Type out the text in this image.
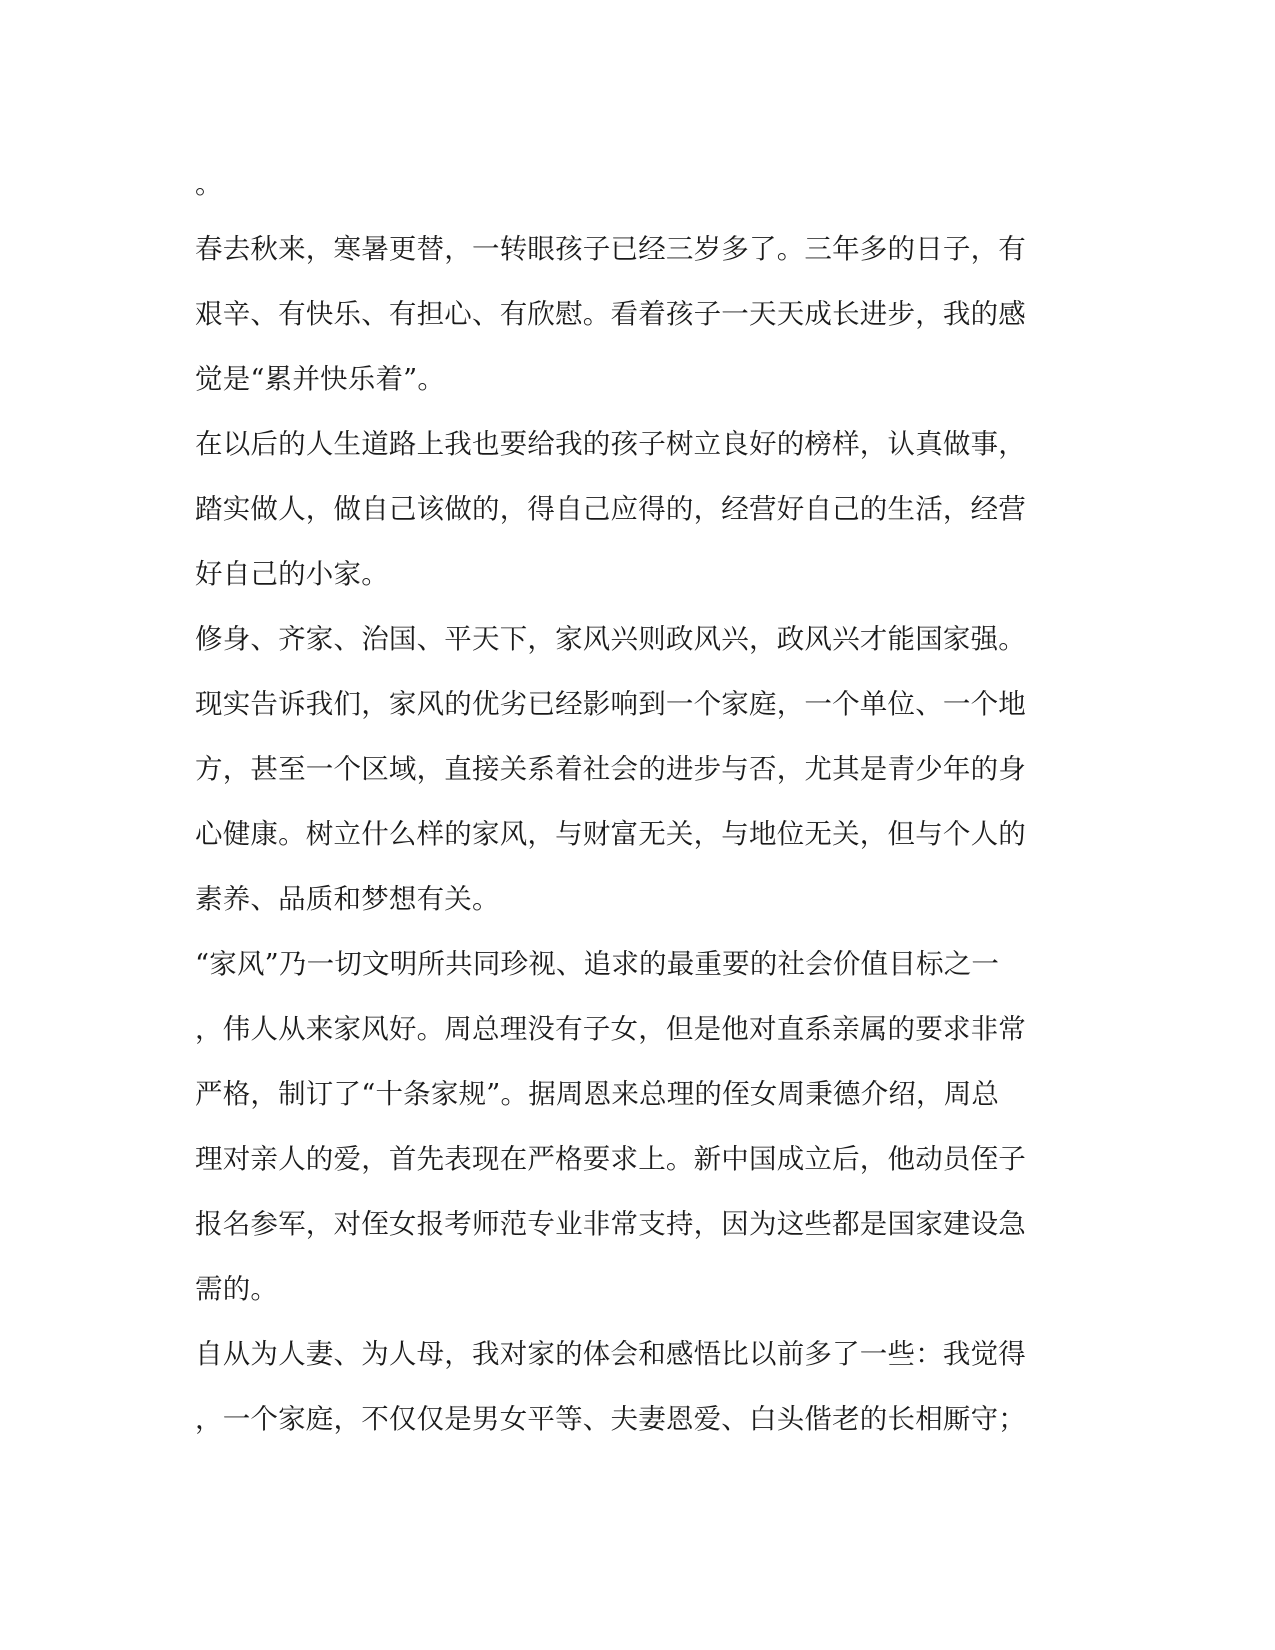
。
春去秋来，寒暑更替，一转眼孩子已经三岁多了。三年多的日子，有
艰辛、有快乐、有担心、有欣慰。看着孩子一天天成长进步，我的感
觉是“累并快乐着”。
在以后的人生道路上我也要给我的孩子树立良好的榜样，认真做事，
踏实做人，做自己该做的，得自己应得的，经营好自己的生活，经营
好自己的小家。
修身、齐家、治国、平天下，家风兴则政风兴，政风兴才能国家强。
现实告诉我们，家风的优劣已经影响到一个家庭，一个单位、一个地
方，甚至一个区域，直接关系着社会的进步与否，尤其是青少年的身
心健康。树立什么样的家风，与财富无关，与地位无关，但与个人的
素养、品质和梦想有关。
“家风”乃一切文明所共同珍视、追求的最重要的社会价值目标之一
，伟人从来家风好。周总理没有子女，但是他对直系亲属的要求非常
严格，制订了“十条家规”。据周恩来总理的侄女周秉德介绍，周总
理对亲人的爱，首先表现在严格要求上。新中国成立后，他动员侄子
报名参军，对侄女报考师范专业非常支持，因为这些都是国家建设急
需的。
自从为人妻、为人母，我对家的体会和感悟比以前多了一些：我觉得
，一个家庭，不仅仅是男女平等、夫妻恩爱、白头偕老的长相厮守；
